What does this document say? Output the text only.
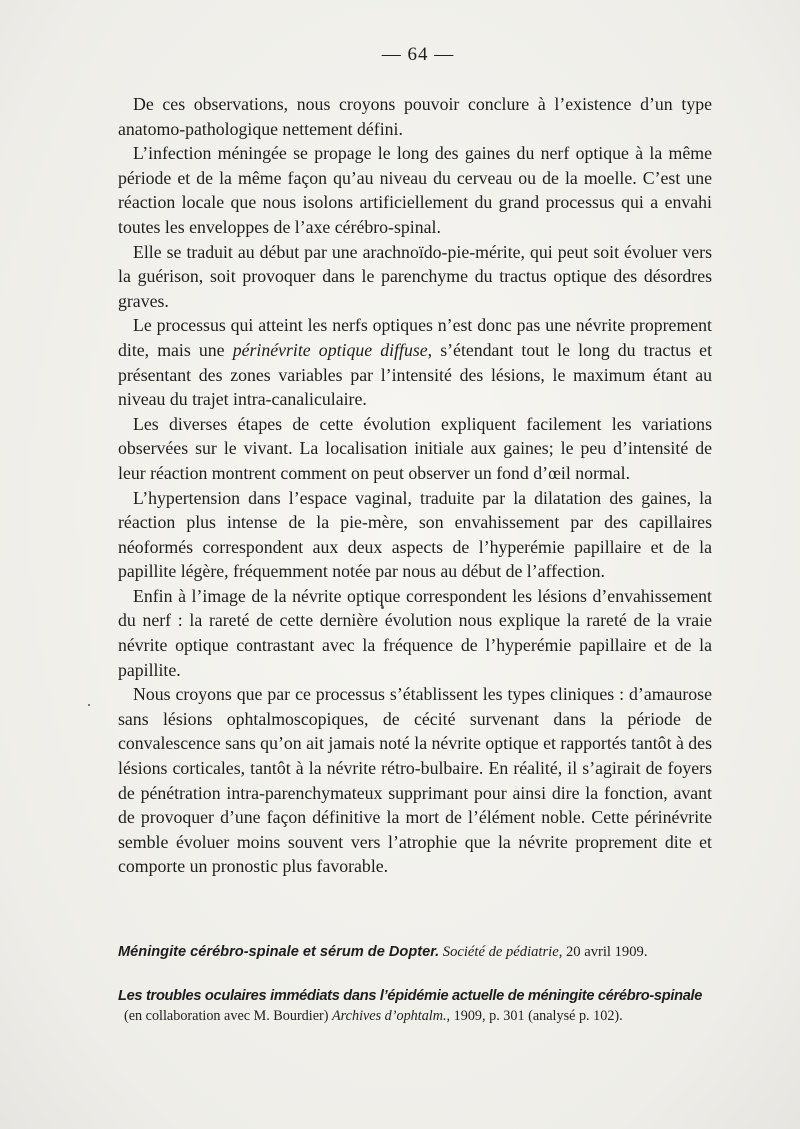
— 64 —

De ces observations, nous croyons pouvoir conclure à l’existence d’un type anatomo-pathologique nettement défini.

L’infection méningée se propage le long des gaines du nerf optique à la même période et de la même façon qu’au niveau du cerveau ou de la moelle. C’est une réaction locale que nous isolons artificiellement du grand processus qui a envahi toutes les enveloppes de l’axe cérébro-spinal.

Elle se traduit au début par une arachnoïdo-pie-mérite, qui peut soit évoluer vers la guérison, soit provoquer dans le parenchyme du tractus optique des désordres graves.

Le processus qui atteint les nerfs optiques n’est donc pas une névrite proprement dite, mais une périnévrite optique diffuse, s’étendant tout le long du tractus et présentant des zones variables par l’intensité des lésions, le maximum étant au niveau du trajet intra-canaliculaire.

Les diverses étapes de cette évolution expliquent facilement les variations observées sur le vivant. La localisation initiale aux gaines; le peu d’intensité de leur réaction montrent comment on peut observer un fond d’œil normal.

L’hypertension dans l’espace vaginal, traduite par la dilatation des gaines, la réaction plus intense de la pie-mère, son envahissement par des capillaires néoformés correspondent aux deux aspects de l’hyperémie papillaire et de la papillite légère, fréquemment notée par nous au début de l’affection.

Enfin à l’image de la névrite optique correspondent les lésions d’envahissement du nerf : la rareté de cette dernière évolution nous explique la rareté de la vraie névrite optique contrastant avec la fréquence de l’hyperémie papillaire et de la papillite.

Nous croyons que par ce processus s’établissent les types cliniques : d’amaurose sans lésions ophtalmoscopiques, de cécité survenant dans la période de convalescence sans qu’on ait jamais noté la névrite optique et rapportés tantôt à des lésions corticales, tantôt à la névrite rétro-bulbaire. En réalité, il s’agirait de foyers de pénétration intra-parenchymateux supprimant pour ainsi dire la fonction, avant de provoquer d’une façon définitive la mort de l’élément noble. Cette périnévrite semble évoluer moins souvent vers l’atrophie que la névrite proprement dite et comporte un pronostic plus favorable.

Méningite cérébro-spinale et sérum de Dopter. Société de pédiatrie, 20 avril 1909.
Les troubles oculaires immédiats dans l’épidémie actuelle de méningite cérébro-spinale
(en collaboration avec M. Bourdier) Archives d’ophtalm., 1909, p. 301 (analysé p. 102).
